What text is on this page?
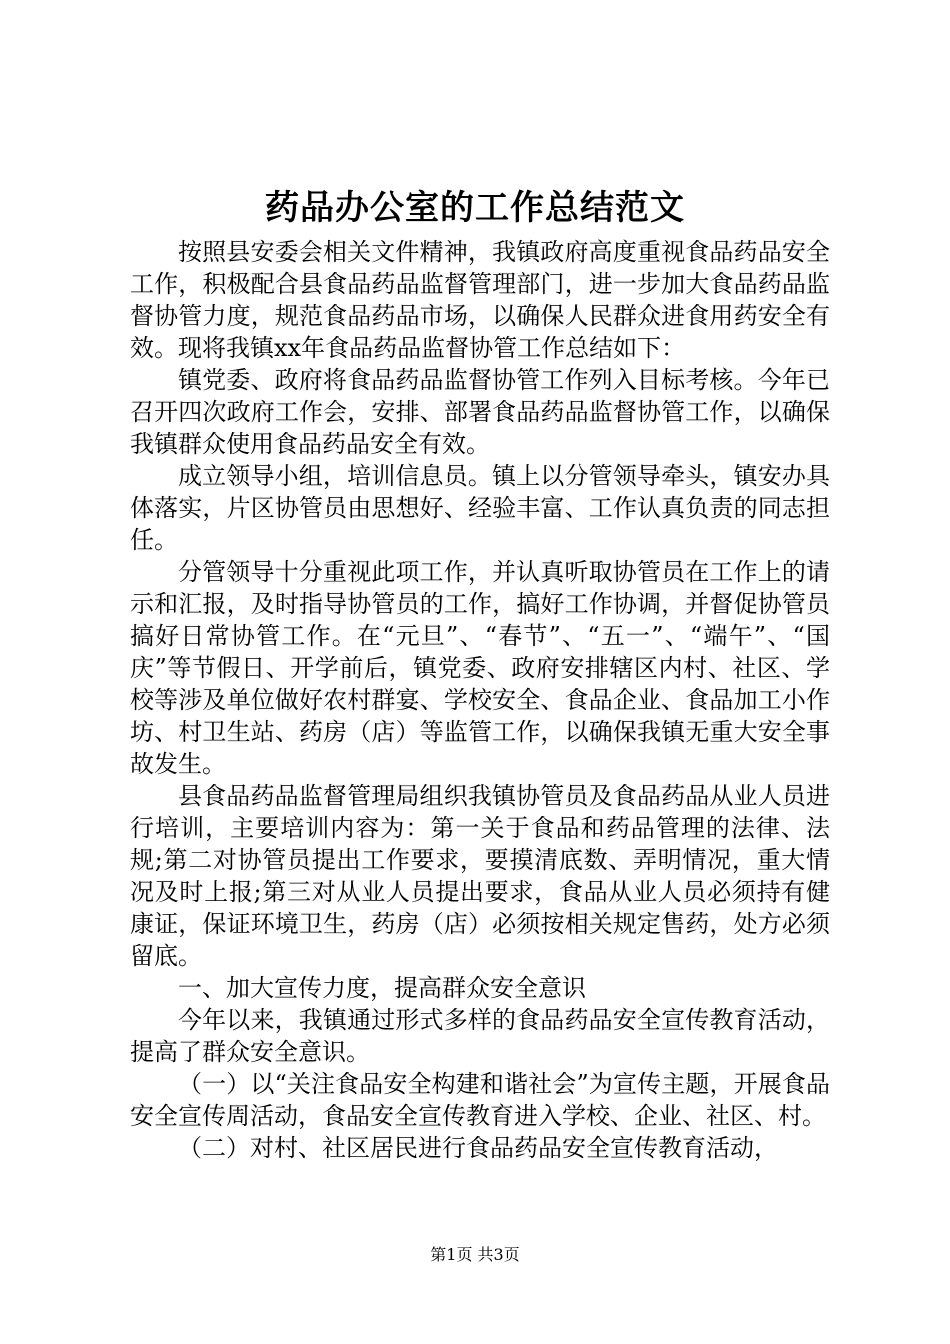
药品办公室的工作总结范文

按照县安委会相关文件精神，我镇政府高度重视食品药品安全工作，积极配合县食品药品监督管理部门，进一步加大食品药品监督协管力度，规范食品药品市场，以确保人民群众进食用药安全有效。现将我镇xx年食品药品监督协管工作总结如下：

镇党委、政府将食品药品监督协管工作列入目标考核。今年已召开四次政府工作会，安排、部署食品药品监督协管工作，以确保我镇群众使用食品药品安全有效。

成立领导小组，培训信息员。镇上以分管领导牵头，镇安办具体落实，片区协管员由思想好、经验丰富、工作认真负责的同志担任。

分管领导十分重视此项工作，并认真听取协管员在工作上的请示和汇报，及时指导协管员的工作，搞好工作协调，并督促协管员搞好日常协管工作。在“元旦”、“春节”、“五一”、“端午”、“国庆”等节假日、开学前后，镇党委、政府安排辖区内村、社区、学校等涉及单位做好农村群宴、学校安全、食品企业、食品加工小作坊、村卫生站、药房（店）等监管工作，以确保我镇无重大安全事故发生。

县食品药品监督管理局组织我镇协管员及食品药品从业人员进行培训，主要培训内容为：第一关于食品和药品管理的法律、法规;第二对协管员提出工作要求，要摸清底数、弄明情况，重大情况及时上报;第三对从业人员提出要求，食品从业人员必须持有健康证，保证环境卫生，药房（店）必须按相关规定售药，处方必须留底。

一、加大宣传力度，提高群众安全意识

今年以来，我镇通过形式多样的食品药品安全宣传教育活动，提高了群众安全意识。

（一）以“关注食品安全构建和谐社会”为宣传主题，开展食品安全宣传周活动，食品安全宣传教育进入学校、企业、社区、村。

（二）对村、社区居民进行食品药品安全宣传教育活动，

第1页 共3页
